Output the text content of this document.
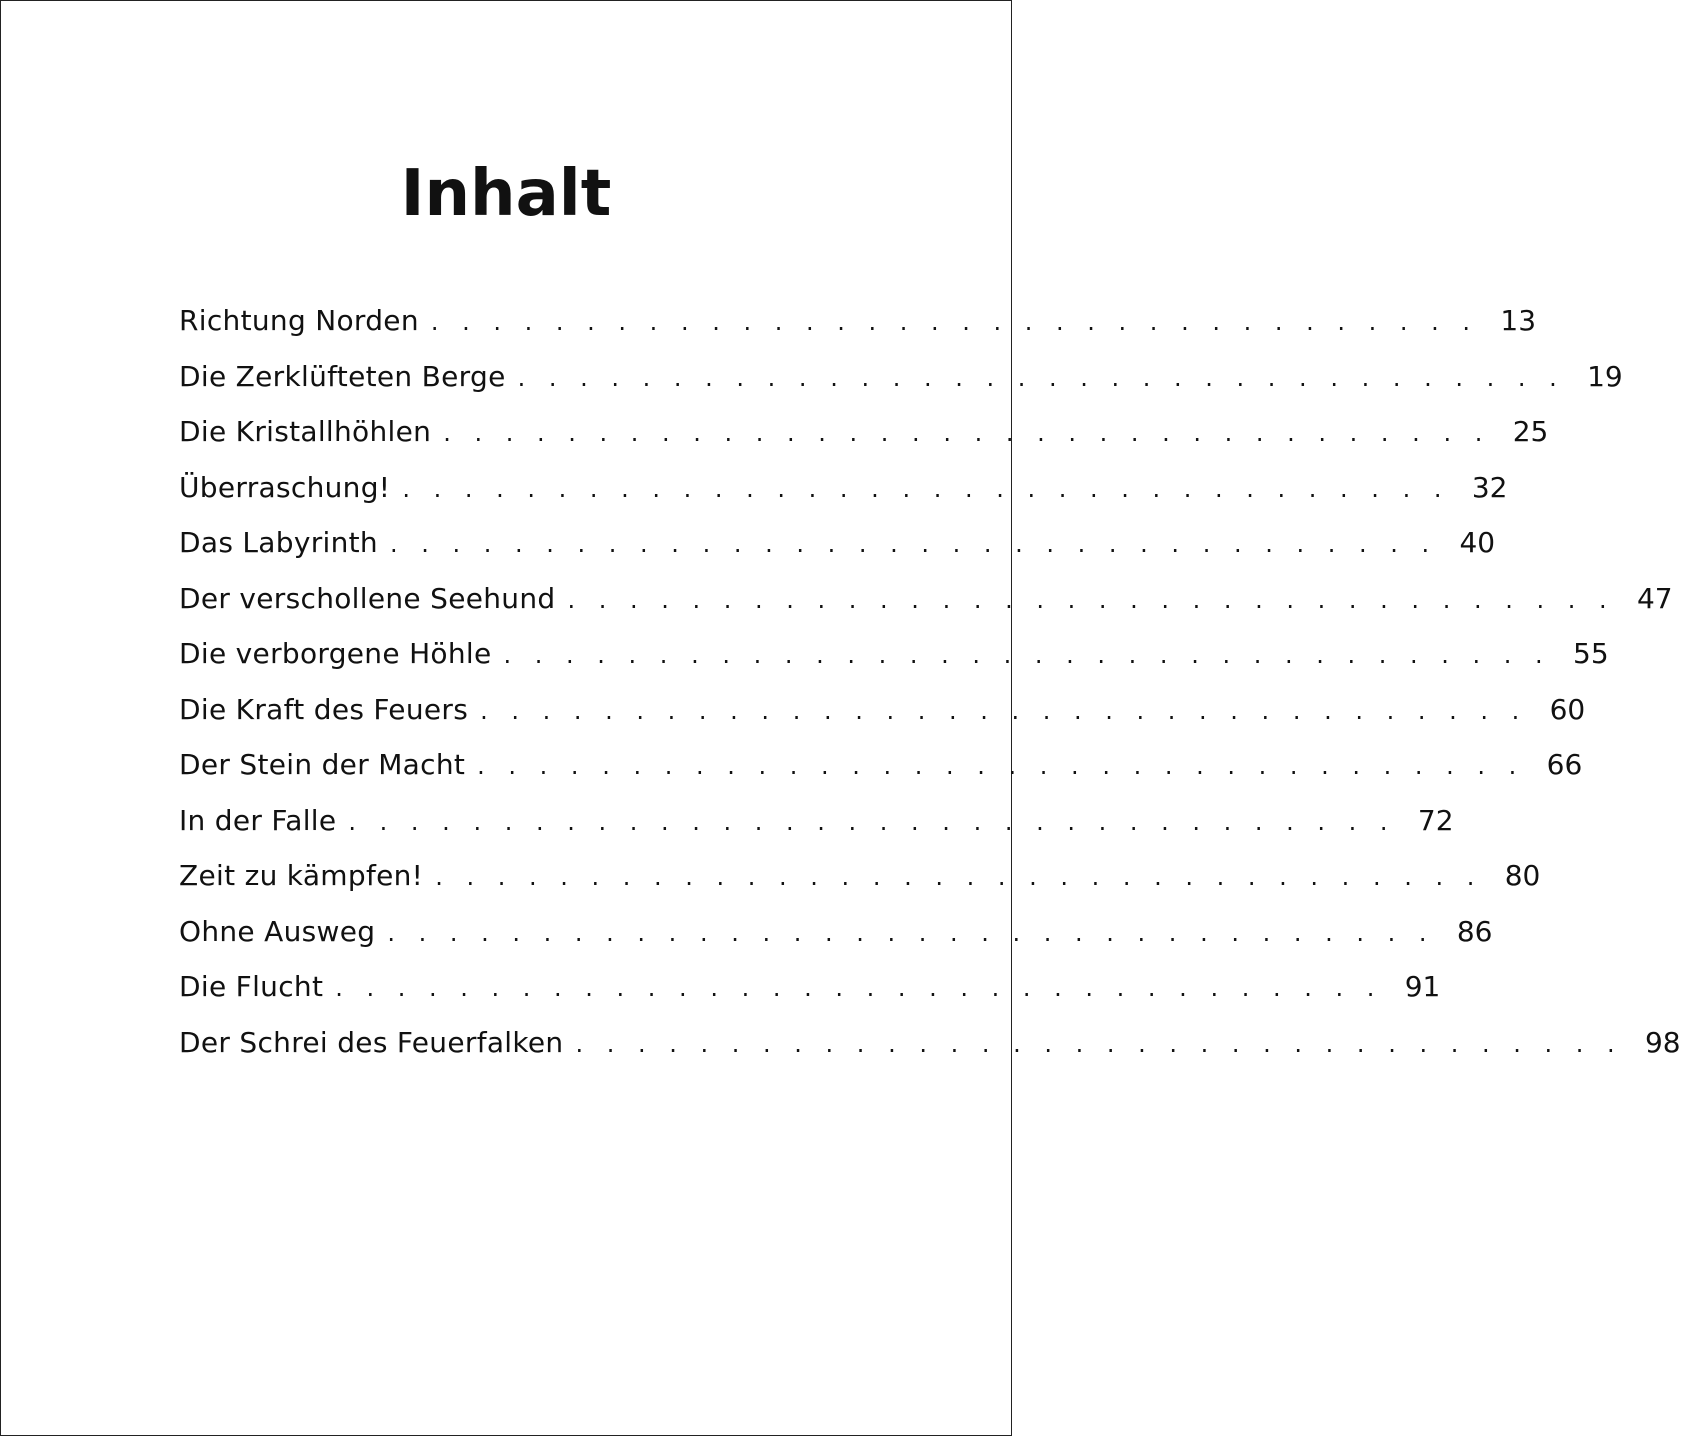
Inhalt
Richtung Norden . . . . . . . . . . . . . . . . . . . . . . . . . . . . . . . . . . 13
Die Zerklüfteten Berge . . . . . . . . . . . . . . . . . . . . . . . . . . . . . . . . . . 19
Die Kristallhöhlen . . . . . . . . . . . . . . . . . . . . . . . . . . . . . . . . . . 25
Überraschung! . . . . . . . . . . . . . . . . . . . . . . . . . . . . . . . . . . 32
Das Labyrinth . . . . . . . . . . . . . . . . . . . . . . . . . . . . . . . . . . 40
Der verschollene Seehund . . . . . . . . . . . . . . . . . . . . . . . . . . . . . . . . . . 47
Die verborgene Höhle . . . . . . . . . . . . . . . . . . . . . . . . . . . . . . . . . . 55
Die Kraft des Feuers . . . . . . . . . . . . . . . . . . . . . . . . . . . . . . . . . . 60
Der Stein der Macht . . . . . . . . . . . . . . . . . . . . . . . . . . . . . . . . . . 66
In der Falle . . . . . . . . . . . . . . . . . . . . . . . . . . . . . . . . . . 72
Zeit zu kämpfen! . . . . . . . . . . . . . . . . . . . . . . . . . . . . . . . . . . 80
Ohne Ausweg . . . . . . . . . . . . . . . . . . . . . . . . . . . . . . . . . . 86
Die Flucht . . . . . . . . . . . . . . . . . . . . . . . . . . . . . . . . . . 91
Der Schrei des Feuerfalken . . . . . . . . . . . . . . . . . . . . . . . . . . . . . . . . . . 98
